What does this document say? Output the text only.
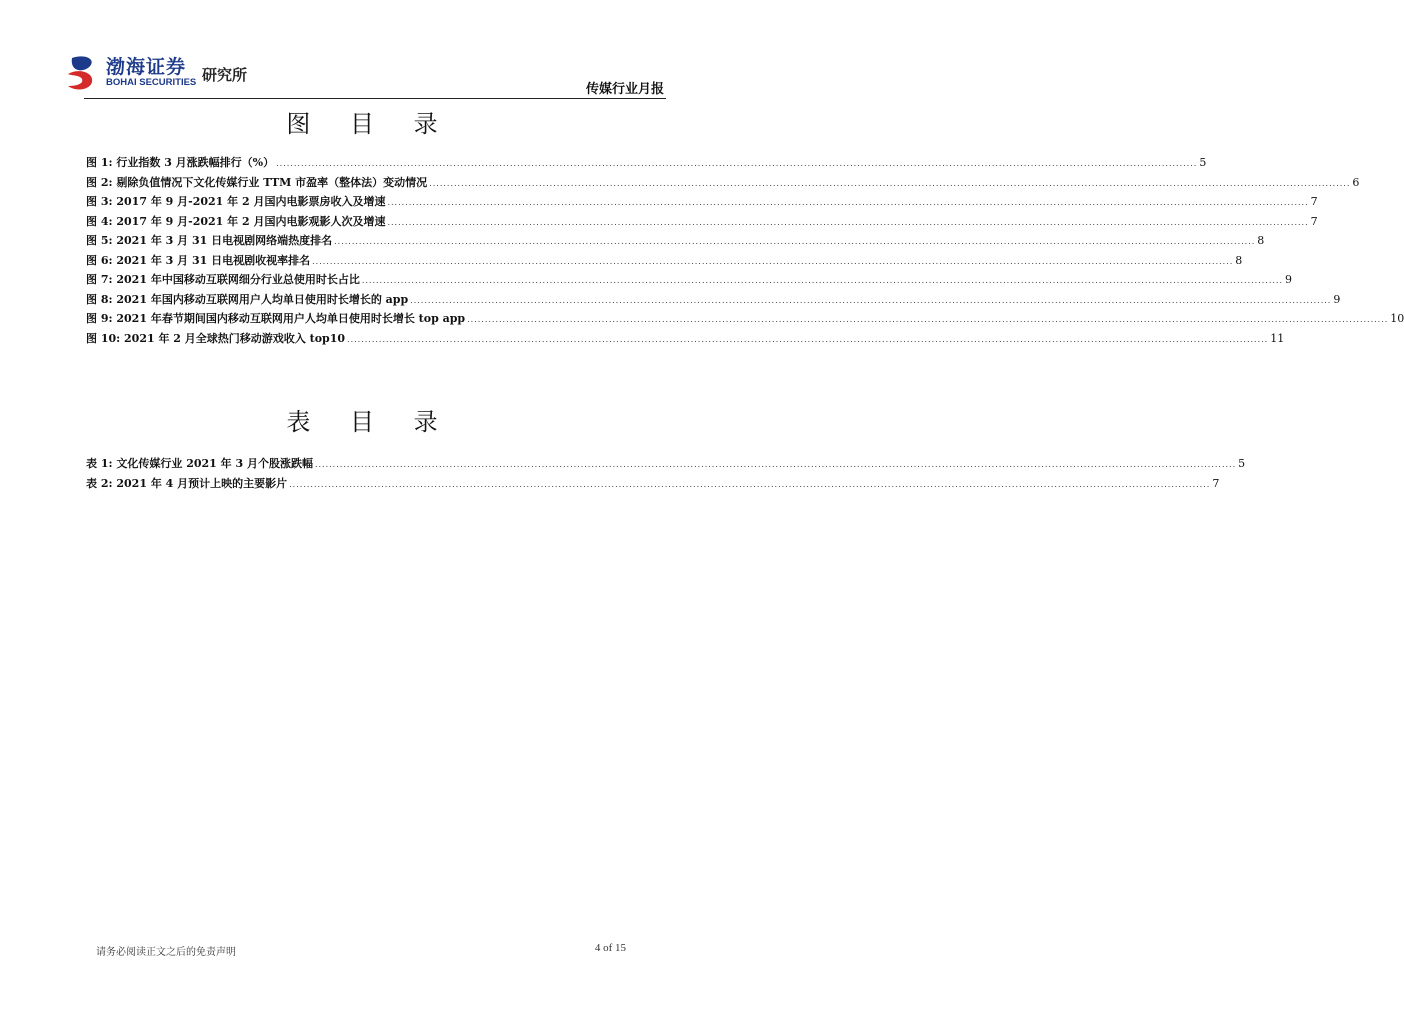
渤海证券
BOHAI SECURITIES 研究所
传媒行业月报
图 目 录
图 1: 行业指数 3 月涨跌幅排行（%） .................................................................................................................................................................................................................................................................... 5
图 2: 剔除负值情况下文化传媒行业 TTM 市盈率（整体法）变动情况 .................................................................................................................................................................................................................................................................... 6
图 3: 2017 年 9 月-2021 年 2 月国内电影票房收入及增速 .................................................................................................................................................................................................................................................................... 7
图 4: 2017 年 9 月-2021 年 2 月国内电影观影人次及增速 .................................................................................................................................................................................................................................................................... 7
图 5: 2021 年 3 月 31 日电视剧网络端热度排名 .................................................................................................................................................................................................................................................................... 8
图 6: 2021 年 3 月 31 日电视剧收视率排名 .................................................................................................................................................................................................................................................................... 8
图 7: 2021 年中国移动互联网细分行业总使用时长占比 .................................................................................................................................................................................................................................................................... 9
图 8: 2021 年国内移动互联网用户人均单日使用时长增长的 app .................................................................................................................................................................................................................................................................... 9
图 9: 2021 年春节期间国内移动互联网用户人均单日使用时长增长 top app .................................................................................................................................................................................................................................................................... 10
图 10: 2021 年 2 月全球热门移动游戏收入 top10 .................................................................................................................................................................................................................................................................... 11
表 目 录
表 1: 文化传媒行业 2021 年 3 月个股涨跌幅 .................................................................................................................................................................................................................................................................... 5
表 2: 2021 年 4 月预计上映的主要影片 .................................................................................................................................................................................................................................................................... 7
请务必阅读正文之后的免责声明	4 of 15
